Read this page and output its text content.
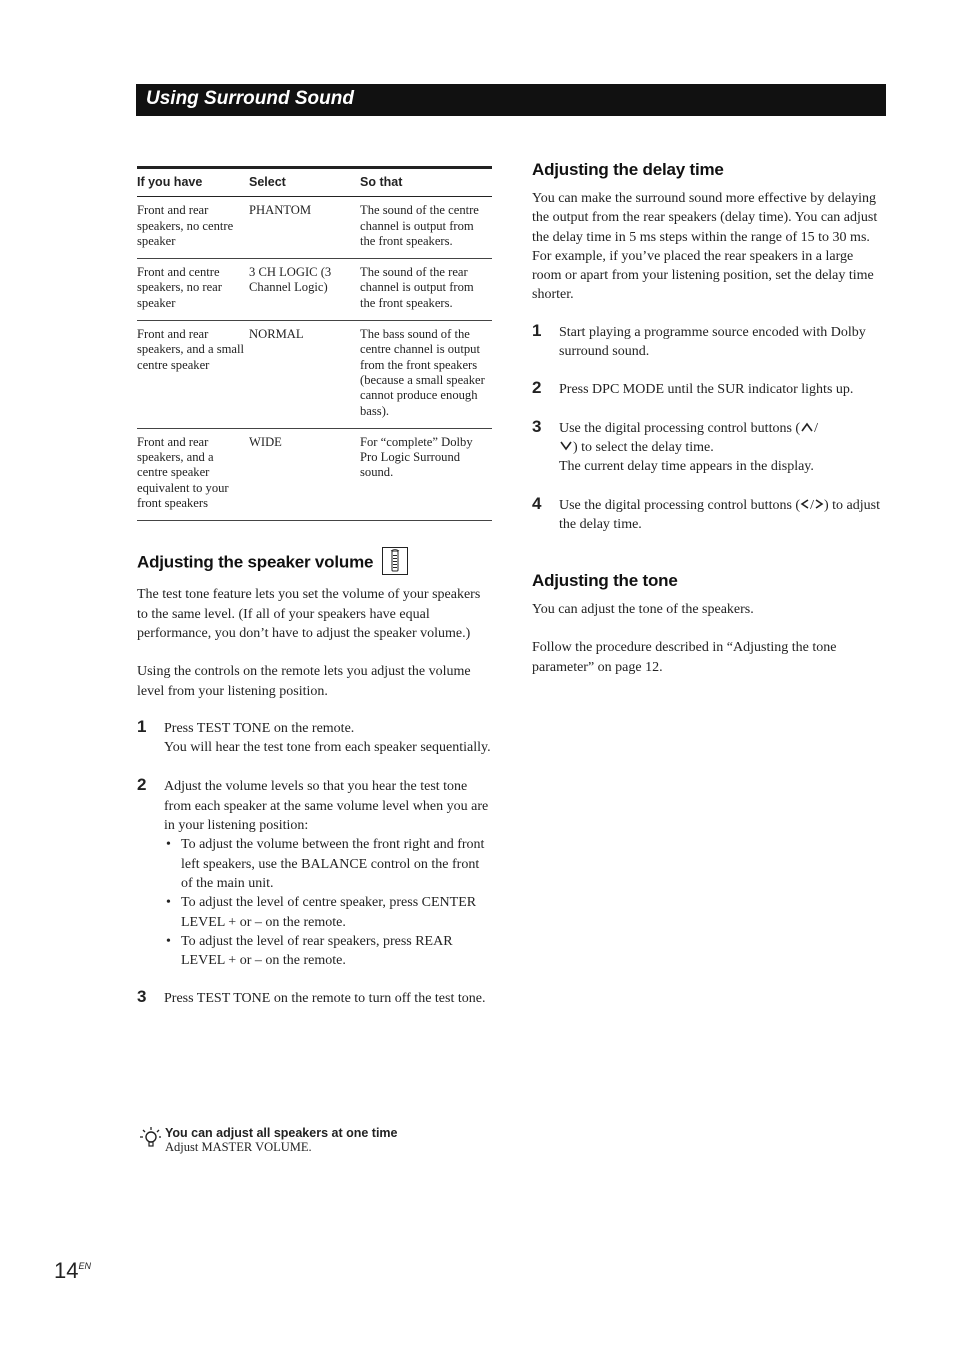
Using Surround Sound
If you have	Select	So that
Front and rear speakers, no centre speaker	PHANTOM	The sound of the centre channel is output from the front speakers.
Front and centre speakers, no rear speaker	3 CH LOGIC (3 Channel Logic)	The sound of the rear channel is output from the front speakers.
Front and rear speakers, and a small centre speaker	NORMAL	The bass sound of the centre channel is output from the front speakers (because a small speaker cannot produce enough bass).
Front and rear speakers, and a centre speaker equivalent to your front speakers	WIDE	For “complete” Dolby Pro Logic Surround sound.
Adjusting the speaker volume

The test tone feature lets you set the volume of your speakers to the same level. (If all of your speakers have equal performance, you don’t have to adjust the speaker volume.)

Using the controls on the remote lets you adjust the volume level from your listening position.

1 Press TEST TONE on the remote.
You will hear the test tone from each speaker sequentially.
2 Adjust the volume levels so that you hear the test tone from each speaker at the same volume level when you are in your listening position:
• To adjust the volume between the front right and front left speakers, use the BALANCE control on the front of the main unit.
• To adjust the level of centre speaker, press CENTER LEVEL + or – on the remote.
• To adjust the level of rear speakers, press REAR LEVEL + or – on the remote.
3 Press TEST TONE on the remote to turn off the test tone.
You can adjust all speakers at one time
Adjust MASTER VOLUME.
Adjusting the delay time

You can make the surround sound more effective by delaying the output from the rear speakers (delay time). You can adjust the delay time in 5 ms steps within the range of 15 to 30 ms. For example, if you’ve placed the rear speakers in a large room or apart from your listening position, set the delay time shorter.

1 Start playing a programme source encoded with Dolby surround sound.
2 Press DPC MODE until the SUR indicator lights up.
3 Use the digital processing control buttons ( /
) to select the delay time.
The current delay time appears in the display.
4 Use the digital processing control buttons ( / ) to adjust the delay time.
Adjusting the tone

You can adjust the tone of the speakers.

Follow the procedure described in “Adjusting the tone parameter” on page 12.

$14^{EN}$
